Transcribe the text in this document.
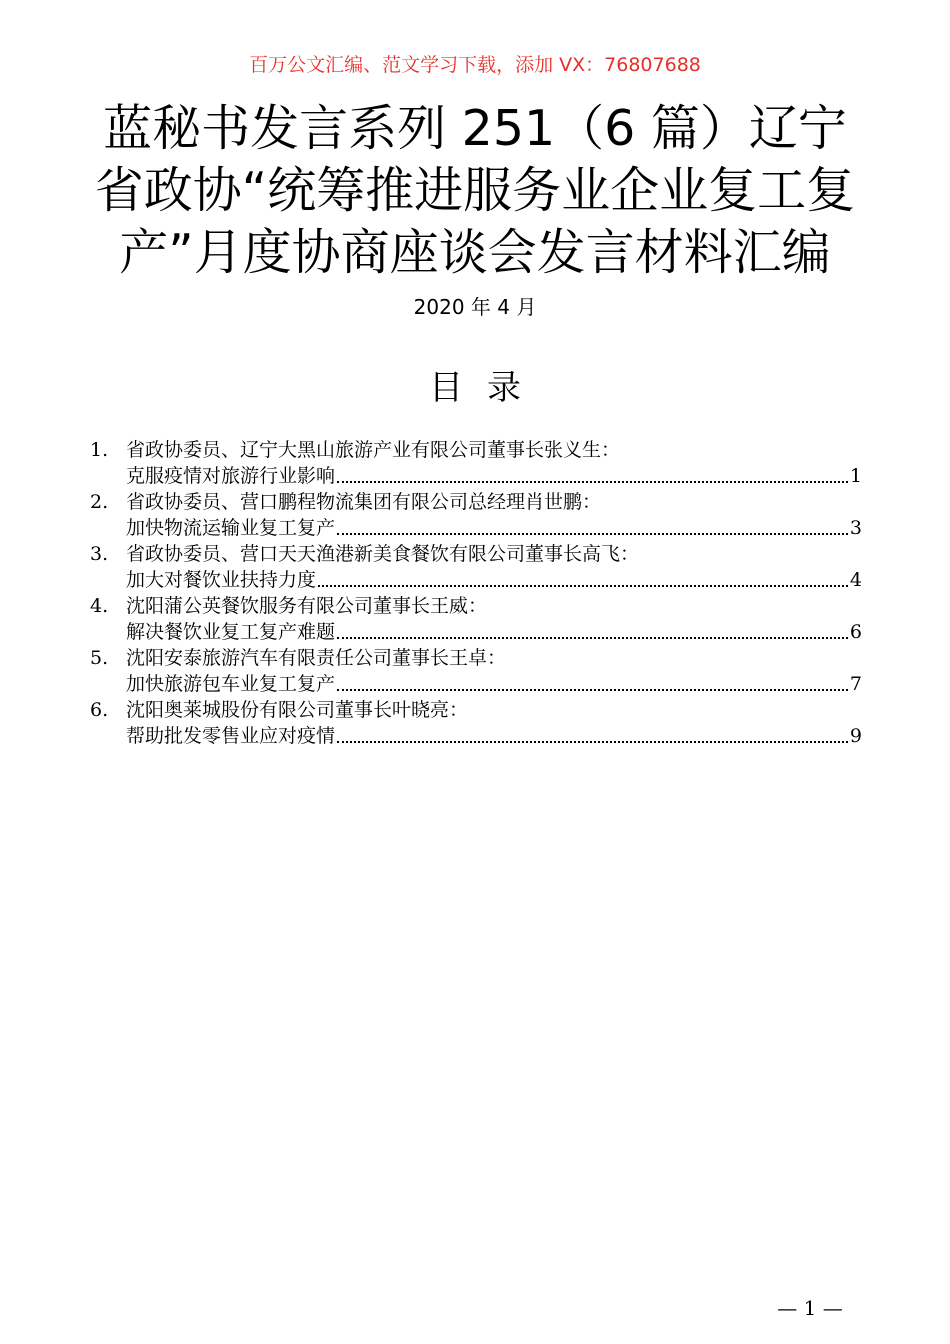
百万公文汇编、范文学习下载，添加 VX：76807688
蓝秘书发言系列 251（6 篇）辽宁省政协“统筹推进服务业企业复工复产”月度协商座谈会发言材料汇编
2020 年 4 月
目录
1. 省政协委员、辽宁大黑山旅游产业有限公司董事长张义生：
克服疫情对旅游行业影响	1
2. 省政协委员、营口鹏程物流集团有限公司总经理肖世鹏：
加快物流运输业复工复产	3
3. 省政协委员、营口天天渔港新美食餐饮有限公司董事长高飞：
加大对餐饮业扶持力度	4
4. 沈阳蒲公英餐饮服务有限公司董事长王威：
解决餐饮业复工复产难题	6
5. 沈阳安泰旅游汽车有限责任公司董事长王卓：
加快旅游包车业复工复产	7
6. 沈阳奥莱城股份有限公司董事长叶晓亮：
帮助批发零售业应对疫情	9
— 1 —
